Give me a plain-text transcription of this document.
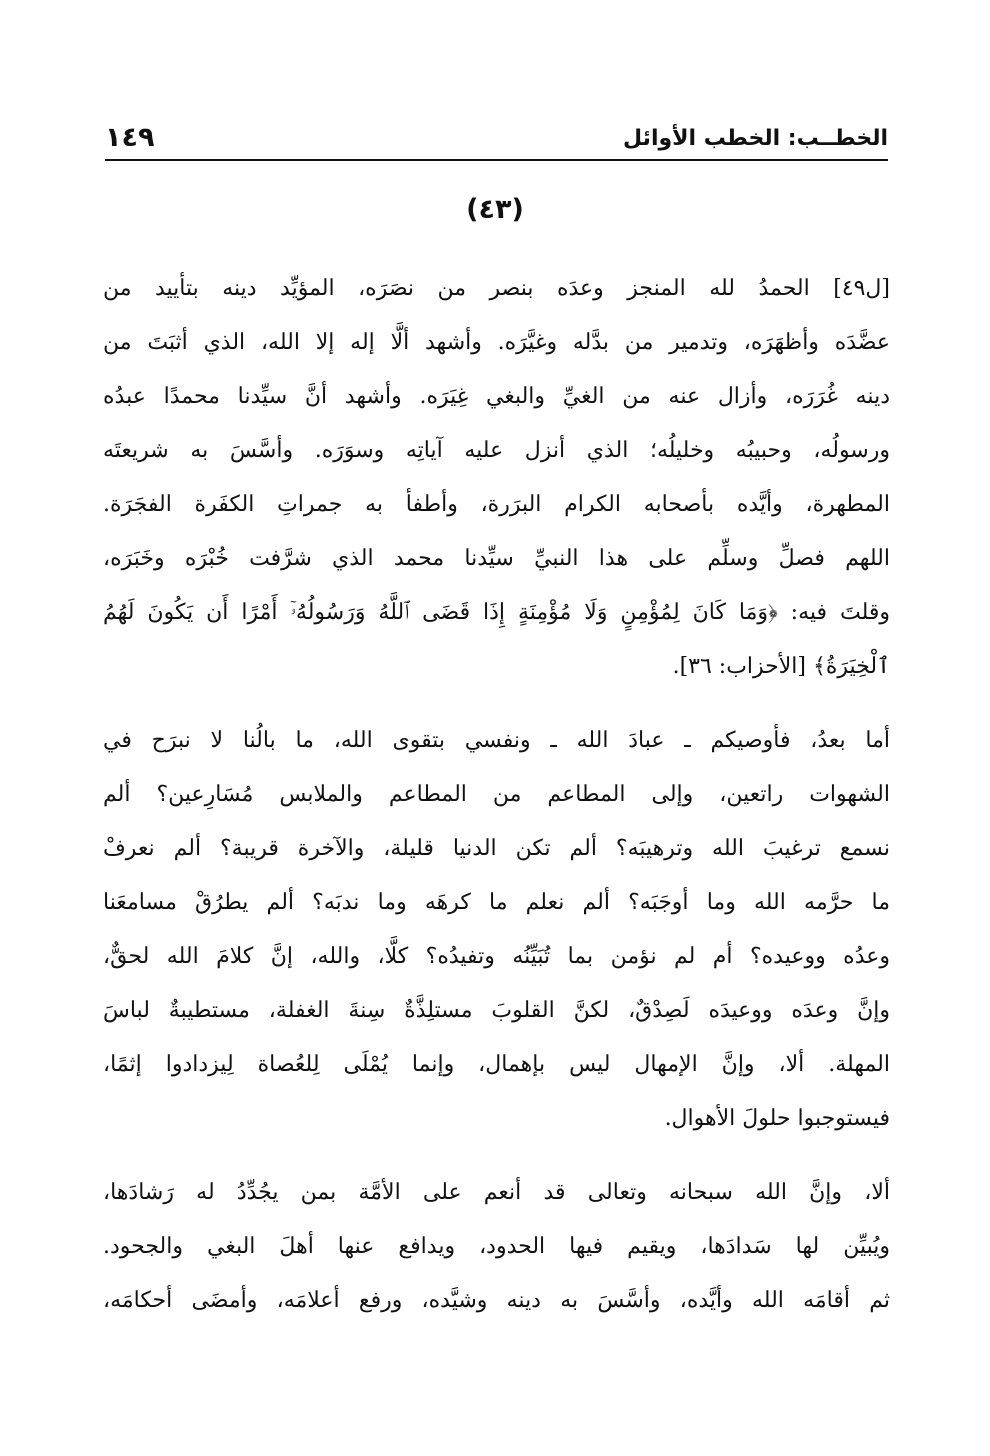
الخطــب: الخطب الأوائل
١٤٩
(٤٣)
[ل٤٩] الحمدُ لله المنجز وعدَه بنصر من نصَرَه، المؤيِّد دينه بتأييد من
عضَّدَه وأظهَرَه، وتدمير من بدَّله وغيَّرَه. وأشهد ألَّا إله إلا الله، الذي أثبَتَ من
دينه غُرَرَه، وأزال عنه من الغيِّ والبغي غِيَرَه. وأشهد أنَّ سيِّدنا محمدًا عبدُه
ورسولُه، وحبيبُه وخليلُه؛ الذي أنزل عليه آياتِه وسوَرَه. وأسَّسَ به شريعتَه
المطهرة، وأيَّده بأصحابه الكرام البرَرة، وأطفأ به جمراتِ الكفَرة الفجَرَة.
اللهم فصلِّ وسلِّم على هذا النبيِّ سيِّدنا محمد الذي شرَّفت خُبْرَه وخَبَرَه،
وقلتَ فيه: ﴿وَمَا كَانَ لِمُؤْمِنٍ وَلَا مُؤْمِنَةٍ إِذَا قَضَى ٱللَّهُ وَرَسُولُهُۥٓ أَمْرًا أَن يَكُونَ لَهُمُ
ٱلْخِيَرَةُ﴾ [الأحزاب: ٣٦].
أما بعدُ، فأوصيكم ـ عبادَ الله ـ ونفسي بتقوى الله، ما بالُنا لا نبرَح في
الشهوات راتعين، وإلى المطاعم من المطاعم والملابس مُسَارِعين؟ ألم
نسمع ترغيبَ الله وترهيبَه؟ ألم تكن الدنيا قليلة، والآخرة قريبة؟ ألم نعرفْ
ما حرَّمه الله وما أوجَبَه؟ ألم نعلم ما كرهَه وما ندبَه؟ ألم يطرُقْ مسامعَنا
وعدُه ووعيده؟ أم لم نؤمن بما تُبَيِّنُه وتفيدُه؟ كلَّا، والله، إنَّ كلامَ الله لحقٌّ،
وإنَّ وعدَه ووعيدَه لَصِدْقٌ، لكنَّ القلوبَ مستلِذَّةٌ سِنةَ الغفلة، مستطيبةٌ لباسَ
المهلة. ألا، وإنَّ الإمهال ليس بإهمال، وإنما يُمْلَى لِلعُصاة لِيزدادوا إثمًا،
فيستوجبوا حلولَ الأهوال.
ألا، وإنَّ الله سبحانه وتعالى قد أنعم على الأمَّة بمن يجُدِّدُ له رَشادَها،
ويُبيِّن لها سَدادَها، ويقيم فيها الحدود، ويدافع عنها أهلَ البغي والجحود.
ثم أقامَه الله وأيَّده، وأسَّسَ به دينه وشيَّده، ورفع أعلامَه، وأمضَى أحكامَه،
